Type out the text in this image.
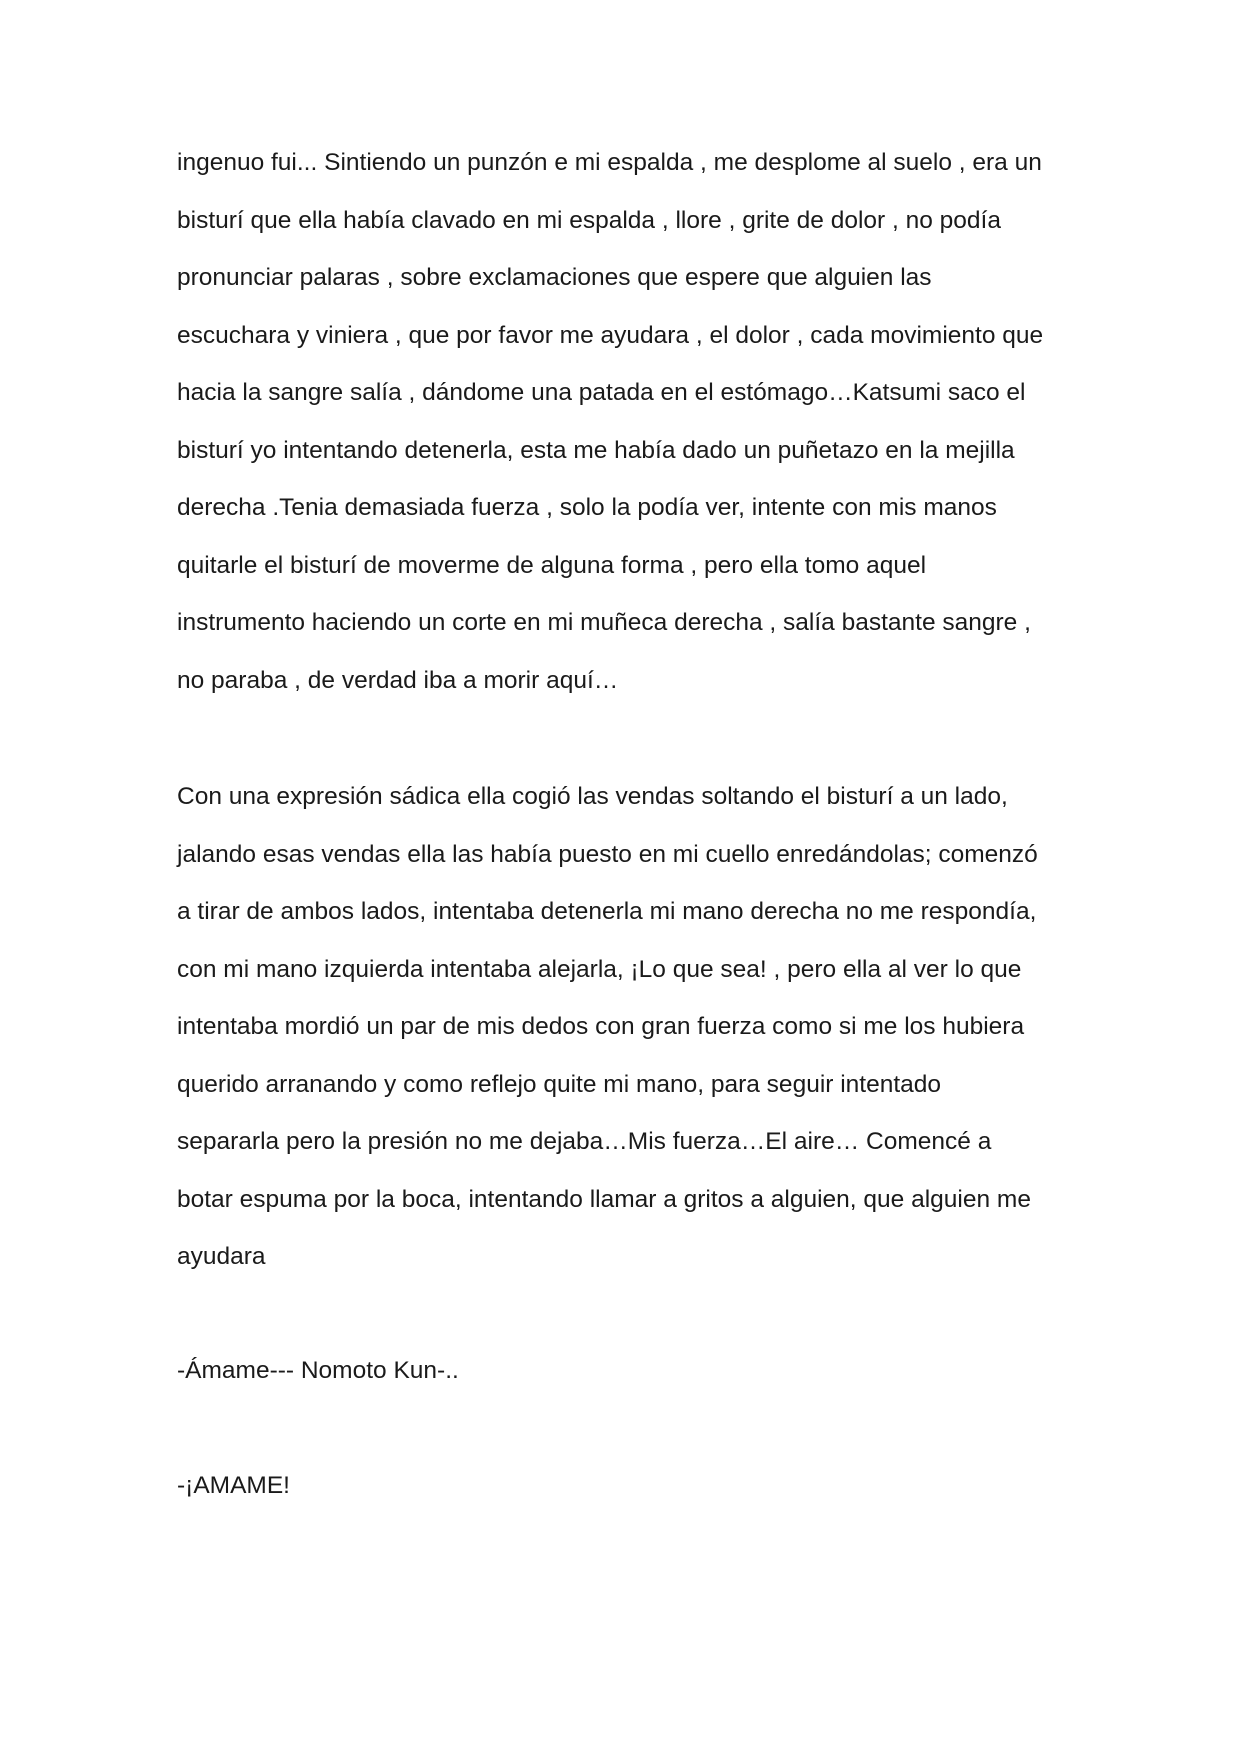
ingenuo fui... Sintiendo un punzón e mi espalda , me desplome al suelo , era un
bisturí que ella había clavado en mi espalda , llore , grite de dolor , no podía
pronunciar palaras , sobre exclamaciones que espere que alguien las
escuchara y viniera , que por favor me ayudara , el dolor , cada movimiento que
hacia la sangre salía , dándome una patada en el estómago…Katsumi saco el
bisturí yo intentando detenerla, esta me había dado un puñetazo en la mejilla
derecha .Tenia demasiada fuerza , solo la podía ver, intente con mis manos
quitarle el bisturí de moverme de alguna forma , pero ella tomo aquel
instrumento haciendo un corte en mi muñeca derecha , salía bastante sangre ,
no paraba , de verdad iba a morir aquí…
Con una expresión sádica ella cogió las vendas soltando el bisturí a un lado,
jalando esas vendas ella las había puesto en mi cuello enredándolas; comenzó
a tirar de ambos lados, intentaba detenerla mi mano derecha no me respondía,
con mi mano izquierda intentaba alejarla, ¡Lo que sea! , pero ella al ver lo que
intentaba mordió un par de mis dedos con gran fuerza como si me los hubiera
querido arranando y como reflejo quite mi mano, para seguir intentado
separarla pero la presión no me dejaba…Mis fuerza…El aire… Comencé a
botar espuma por la boca, intentando llamar a gritos a alguien, que alguien me
ayudara
-Ámame--- Nomoto Kun-..
-¡AMAME!
